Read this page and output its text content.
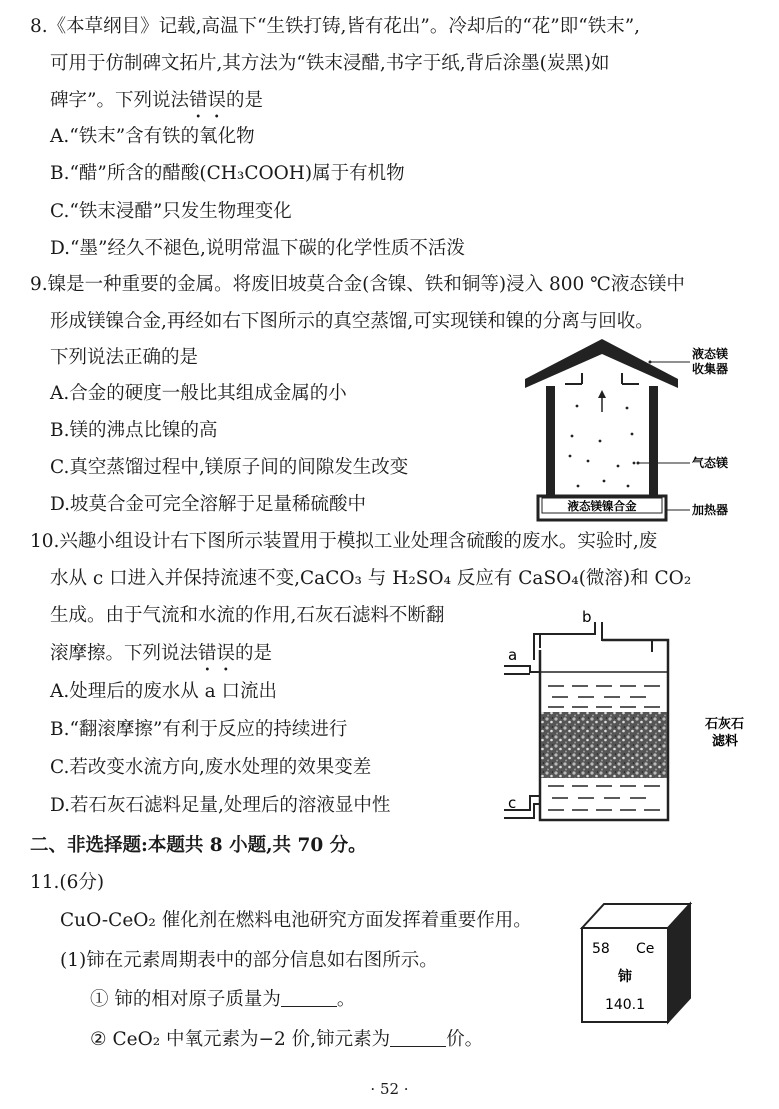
8.《本草纲目》记载,高温下“生铁打铸,皆有花出”。冷却后的“花”即“铁末”,
可用于仿制碑文拓片,其方法为“铁末浸醋,书字于纸,背后涂墨(炭黑)如
碑字”。下列说法错误的是
A.“铁末”含有铁的氧化物
B.“醋”所含的醋酸(CH₃COOH)属于有机物
C.“铁末浸醋”只发生物理变化
D.“墨”经久不褪色,说明常温下碳的化学性质不活泼
9.镍是一种重要的金属。将废旧坡莫合金(含镍、铁和铜等)浸入 800 ℃液态镁中
形成镁镍合金,再经如右下图所示的真空蒸馏,可实现镁和镍的分离与回收。
下列说法正确的是
A.合金的硬度一般比其组成金属的小
B.镁的沸点比镍的高
C.真空蒸馏过程中,镁原子间的间隙发生改变
D.坡莫合金可完全溶解于足量稀硫酸中	液态镁镍合金
液态镁
收集器
气态镁
加热器
10.兴趣小组设计右下图所示装置用于模拟工业处理含硫酸的废水。实验时,废
水从 c 口进入并保持流速不变,CaCO₃ 与 H₂SO₄ 反应有 CaSO₄(微溶)和 CO₂
生成。由于气流和水流的作用,石灰石滤料不断翻
滚摩擦。下列说法错误的是
A.处理后的废水从 a 口流出
B.“翻滚摩擦”有利于反应的持续进行
C.若改变水流方向,废水处理的效果变差
D.若石灰石滤料足量,处理后的溶液显中性
b
a
c
石灰石
滤料
二、非选择题:本题共 8 小题,共 70 分。
11.(6分)
CuO-CeO₂ 催化剂在燃料电池研究方面发挥着重要作用。
(1)铈在元素周期表中的部分信息如右图所示。
① 铈的相对原子质量为	。
② CeO₂ 中氧元素为−2 价,铈元素为	价。
58 Ce
铈
140.1
· 52 ·
